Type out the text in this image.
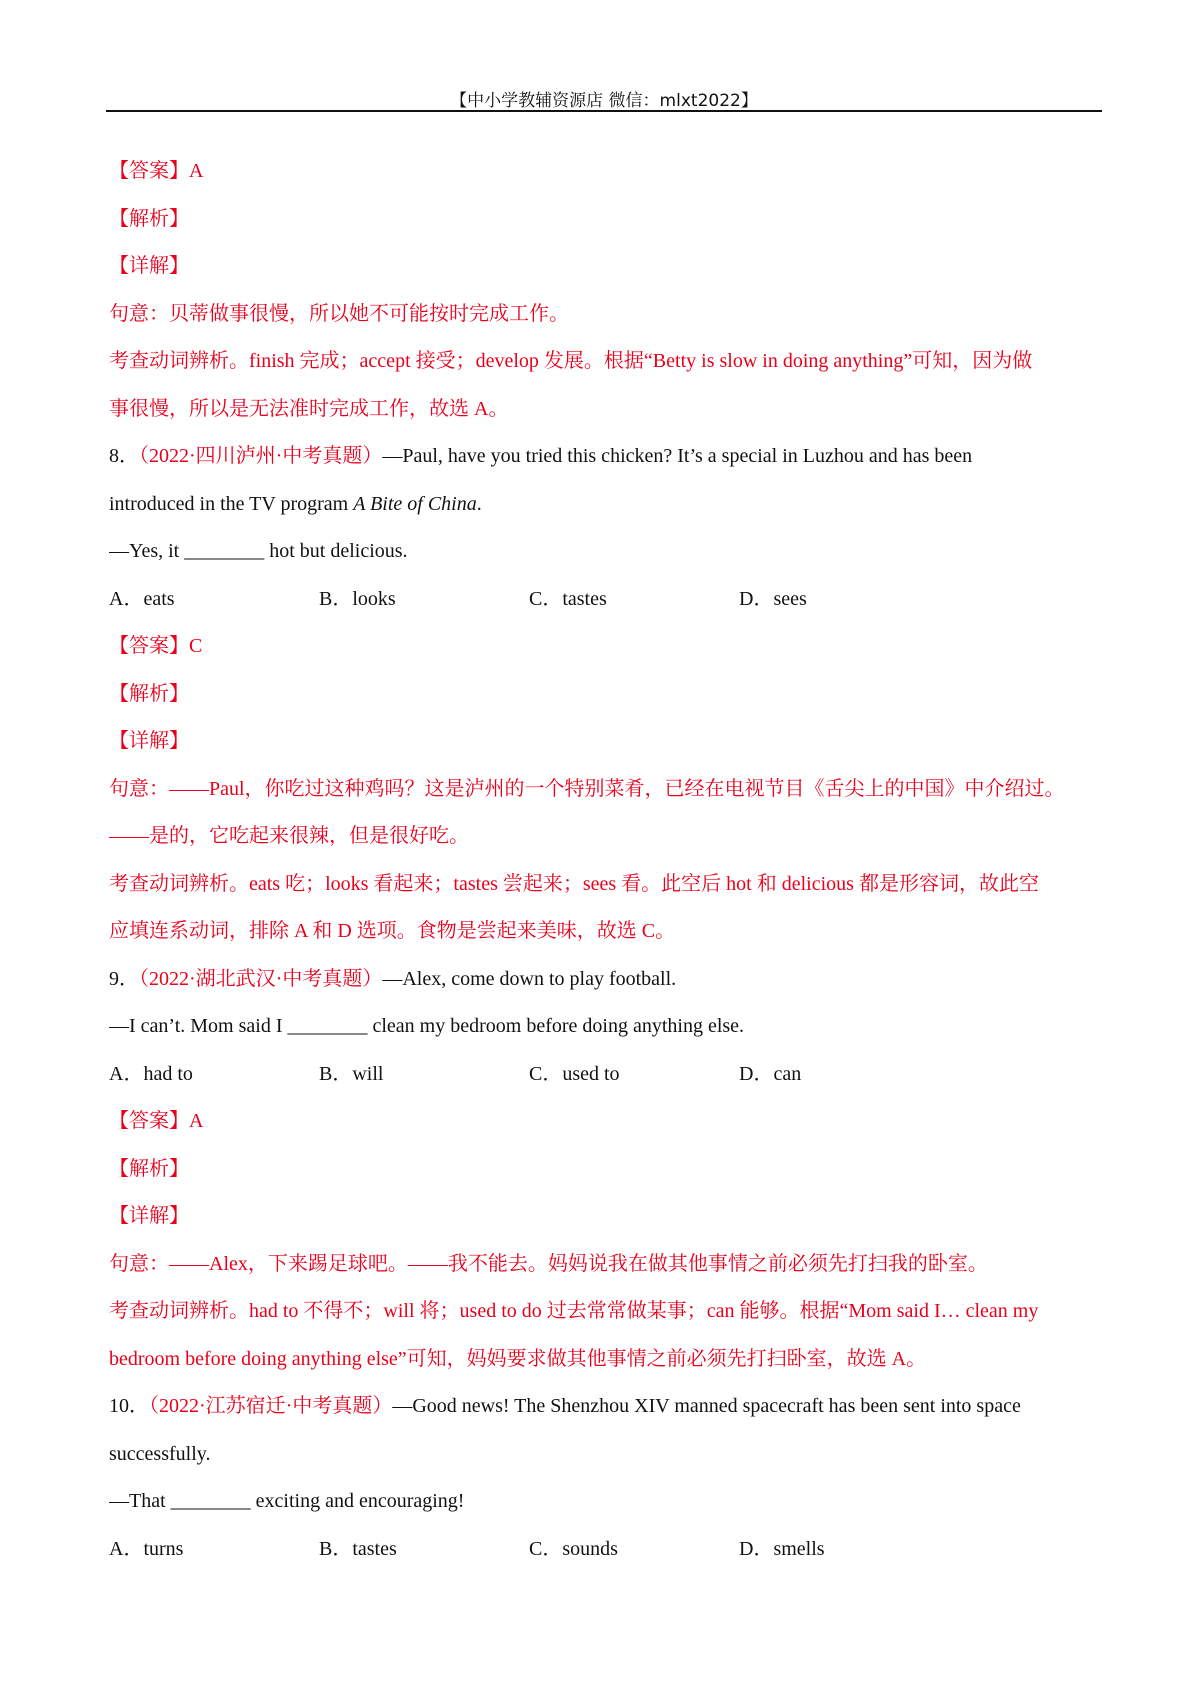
【中小学教辅资源店 微信：mlxt2022】
【答案】A
【解析】
【详解】
句意：贝蒂做事很慢，所以她不可能按时完成工作。
考查动词辨析。finish 完成；accept 接受；develop 发展。根据“Betty is slow in doing anything”可知，因为做
事很慢，所以是无法准时完成工作，故选 A。
8．（2022·四川泸州·中考真题）—Paul, have you tried this chicken? It’s a special in Luzhou and has been
introduced in the TV program A Bite of China.
—Yes, it ________ hot but delicious.
A．eats	B．looks	C．tastes	D．sees
【答案】C
【解析】
【详解】
句意：——Paul，你吃过这种鸡吗？这是泸州的一个特别菜肴，已经在电视节目《舌尖上的中国》中介绍过。
——是的，它吃起来很辣，但是很好吃。
考查动词辨析。eats 吃；looks 看起来；tastes 尝起来；sees 看。此空后 hot 和 delicious 都是形容词，故此空
应填连系动词，排除 A 和 D 选项。食物是尝起来美味，故选 C。
9．（2022·湖北武汉·中考真题）—Alex, come down to play football.
—I can’t. Mom said I ________ clean my bedroom before doing anything else.
A．had to	B．will	C．used to	D．can
【答案】A
【解析】
【详解】
句意：——Alex，下来踢足球吧。——我不能去。妈妈说我在做其他事情之前必须先打扫我的卧室。
考查动词辨析。had to 不得不；will 将；used to do 过去常常做某事；can 能够。根据“Mom said I… clean my
bedroom before doing anything else”可知，妈妈要求做其他事情之前必须先打扫卧室，故选 A。
10．（2022·江苏宿迁·中考真题）—Good news! The Shenzhou XIV manned spacecraft has been sent into space
successfully.
—That ________ exciting and encouraging!
A．turns	B．tastes	C．sounds	D．smells
